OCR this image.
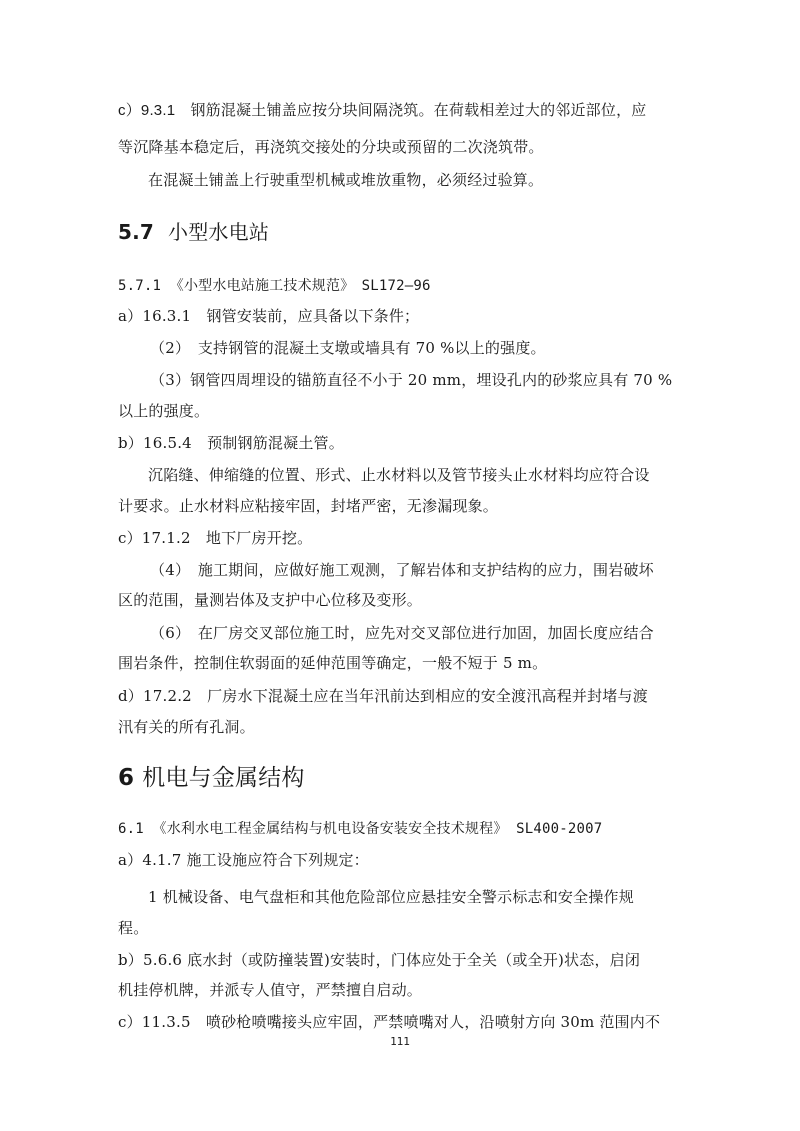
c）9.3.1　钢筋混凝土铺盖应按分块间隔浇筑。在荷载相差过大的邻近部位，应
等沉降基本稳定后，再浇筑交接处的分块或预留的二次浇筑带。
在混凝土铺盖上行驶重型机械或堆放重物，必须经过验算。
5.7 小型水电站
5.7.1 《小型水电站施工技术规范》　SL172—96
a）16.3.1　钢管安装前，应具备以下条件；
（2）　支持钢管的混凝土支墩或墙具有 70 %以上的强度。
（3）钢管四周埋设的锚筋直径不小于 20 mm，埋设孔内的砂浆应具有 70 %
以上的强度。
b）16.5.4　预制钢筋混凝土管。
沉陷缝、伸缩缝的位置、形式、止水材料以及管节接头止水材料均应符合设
计要求。止水材料应粘接牢固，封堵严密，无渗漏现象。
c）17.1.2　地下厂房开挖。
（4）　施工期间，应做好施工观测，了解岩体和支护结构的应力，围岩破坏
区的范围，量测岩体及支护中心位移及变形。
（6）　在厂房交叉部位施工时，应先对交叉部位进行加固，加固长度应结合
围岩条件，控制住软弱面的延伸范围等确定，一般不短于 5 m。
d）17.2.2　厂房水下混凝土应在当年汛前达到相应的安全渡汛高程并封堵与渡
汛有关的所有孔洞。
6 机电与金属结构
6.1 《水利水电工程金属结构与机电设备安装安全技术规程》 SL400-2007
a）4.1.7 施工设施应符合下列规定：
1 机械设备、电气盘柜和其他危险部位应悬挂安全警示标志和安全操作规
程。
b）5.6.6 底水封（或防撞装置)安装时，门体应处于全关（或全开)状态，启闭
机挂停机牌，并派专人值守，严禁擅自启动。
c）11.3.5　喷砂枪喷嘴接头应牢固，严禁喷嘴对人，沿喷射方向 30m 范围内不
111
